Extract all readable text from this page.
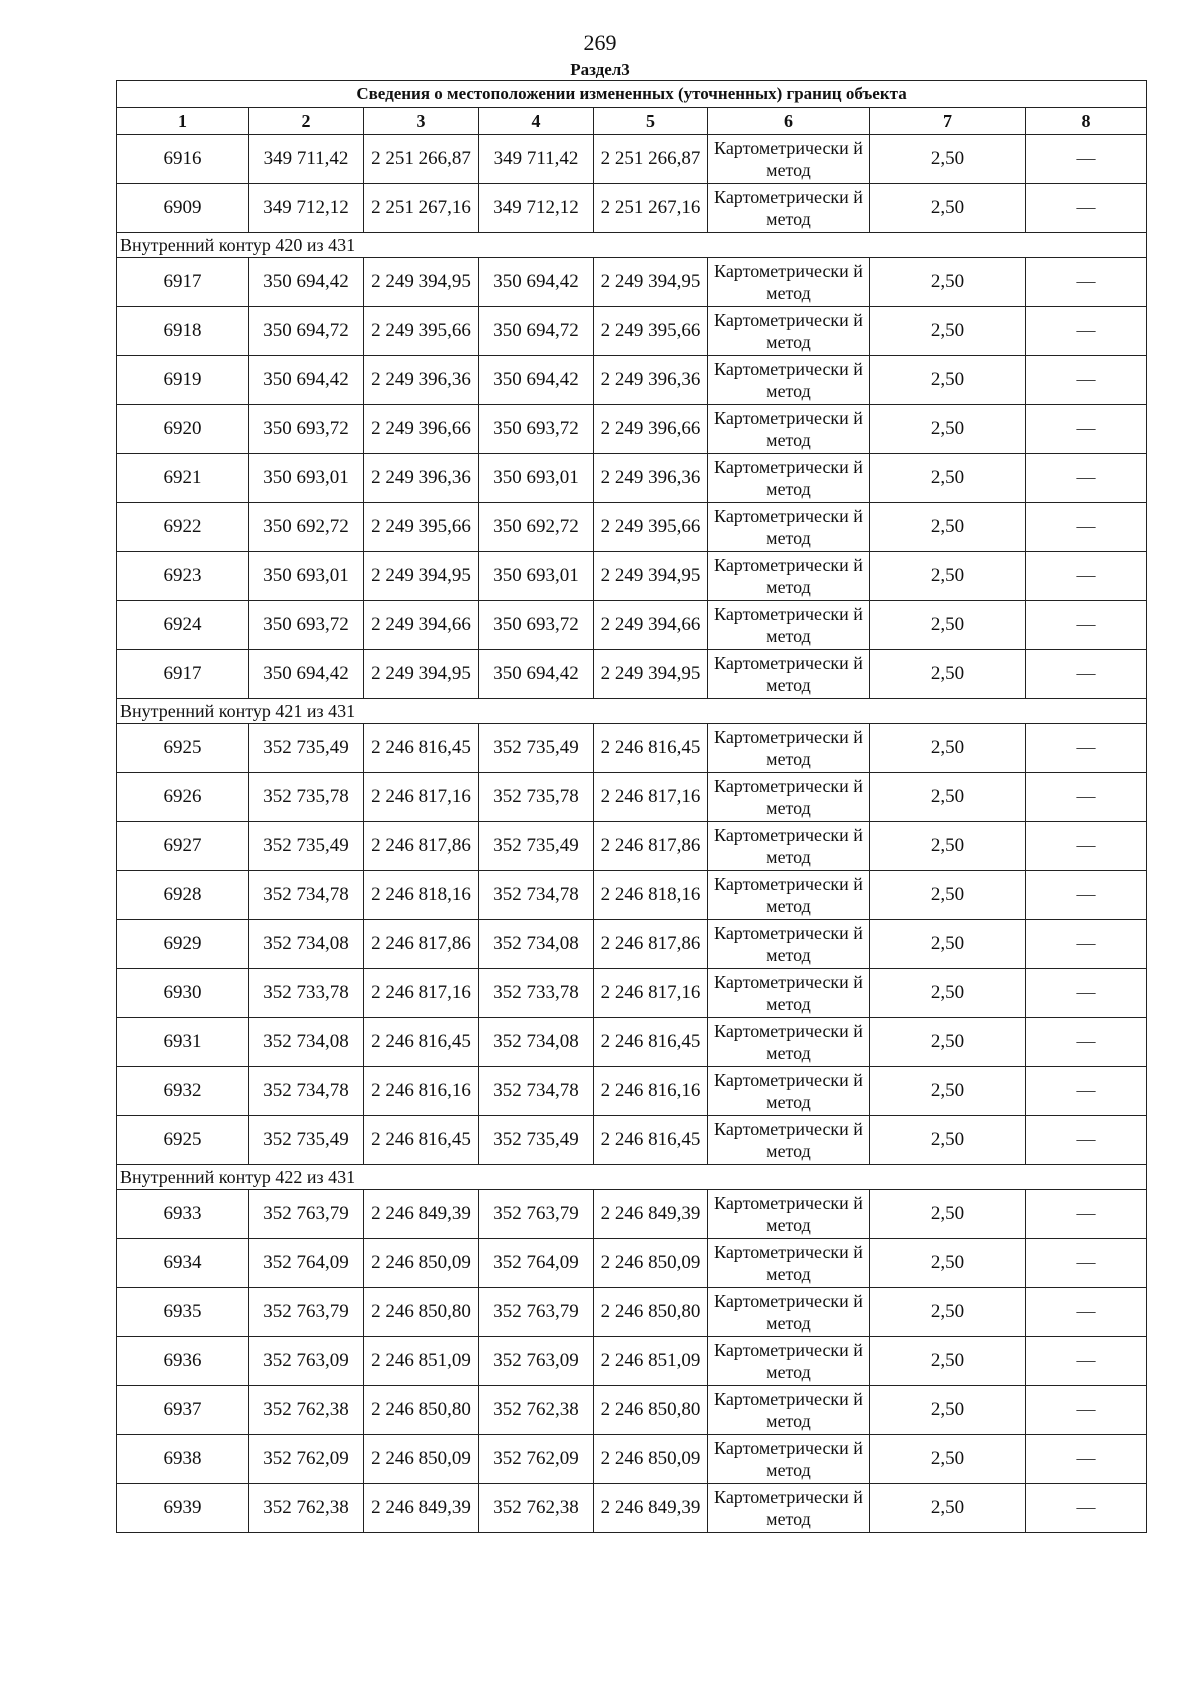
269
Раздел3
Сведения о местоположении измененных (уточненных) границ объекта							
1	2	3	4	5	6	7	8
6916	349 711,42	2 251 266,87	349 711,42	2 251 266,87	Картометрически й метод	2,50	—
6909	349 712,12	2 251 267,16	349 712,12	2 251 267,16	Картометрически й метод	2,50	—
Внутренний контур 420 из 431							
6917	350 694,42	2 249 394,95	350 694,42	2 249 394,95	Картометрически й метод	2,50	—
6918	350 694,72	2 249 395,66	350 694,72	2 249 395,66	Картометрически й метод	2,50	—
6919	350 694,42	2 249 396,36	350 694,42	2 249 396,36	Картометрически й метод	2,50	—
6920	350 693,72	2 249 396,66	350 693,72	2 249 396,66	Картометрически й метод	2,50	—
6921	350 693,01	2 249 396,36	350 693,01	2 249 396,36	Картометрически й метод	2,50	—
6922	350 692,72	2 249 395,66	350 692,72	2 249 395,66	Картометрически й метод	2,50	—
6923	350 693,01	2 249 394,95	350 693,01	2 249 394,95	Картометрически й метод	2,50	—
6924	350 693,72	2 249 394,66	350 693,72	2 249 394,66	Картометрически й метод	2,50	—
6917	350 694,42	2 249 394,95	350 694,42	2 249 394,95	Картометрически й метод	2,50	—
Внутренний контур 421 из 431							
6925	352 735,49	2 246 816,45	352 735,49	2 246 816,45	Картометрически й метод	2,50	—
6926	352 735,78	2 246 817,16	352 735,78	2 246 817,16	Картометрически й метод	2,50	—
6927	352 735,49	2 246 817,86	352 735,49	2 246 817,86	Картометрически й метод	2,50	—
6928	352 734,78	2 246 818,16	352 734,78	2 246 818,16	Картометрически й метод	2,50	—
6929	352 734,08	2 246 817,86	352 734,08	2 246 817,86	Картометрически й метод	2,50	—
6930	352 733,78	2 246 817,16	352 733,78	2 246 817,16	Картометрически й метод	2,50	—
6931	352 734,08	2 246 816,45	352 734,08	2 246 816,45	Картометрически й метод	2,50	—
6932	352 734,78	2 246 816,16	352 734,78	2 246 816,16	Картометрически й метод	2,50	—
6925	352 735,49	2 246 816,45	352 735,49	2 246 816,45	Картометрически й метод	2,50	—
Внутренний контур 422 из 431							
6933	352 763,79	2 246 849,39	352 763,79	2 246 849,39	Картометрически й метод	2,50	—
6934	352 764,09	2 246 850,09	352 764,09	2 246 850,09	Картометрически й метод	2,50	—
6935	352 763,79	2 246 850,80	352 763,79	2 246 850,80	Картометрически й метод	2,50	—
6936	352 763,09	2 246 851,09	352 763,09	2 246 851,09	Картометрически й метод	2,50	—
6937	352 762,38	2 246 850,80	352 762,38	2 246 850,80	Картометрически й метод	2,50	—
6938	352 762,09	2 246 850,09	352 762,09	2 246 850,09	Картометрически й метод	2,50	—
6939	352 762,38	2 246 849,39	352 762,38	2 246 849,39	Картометрически й метод	2,50	—
